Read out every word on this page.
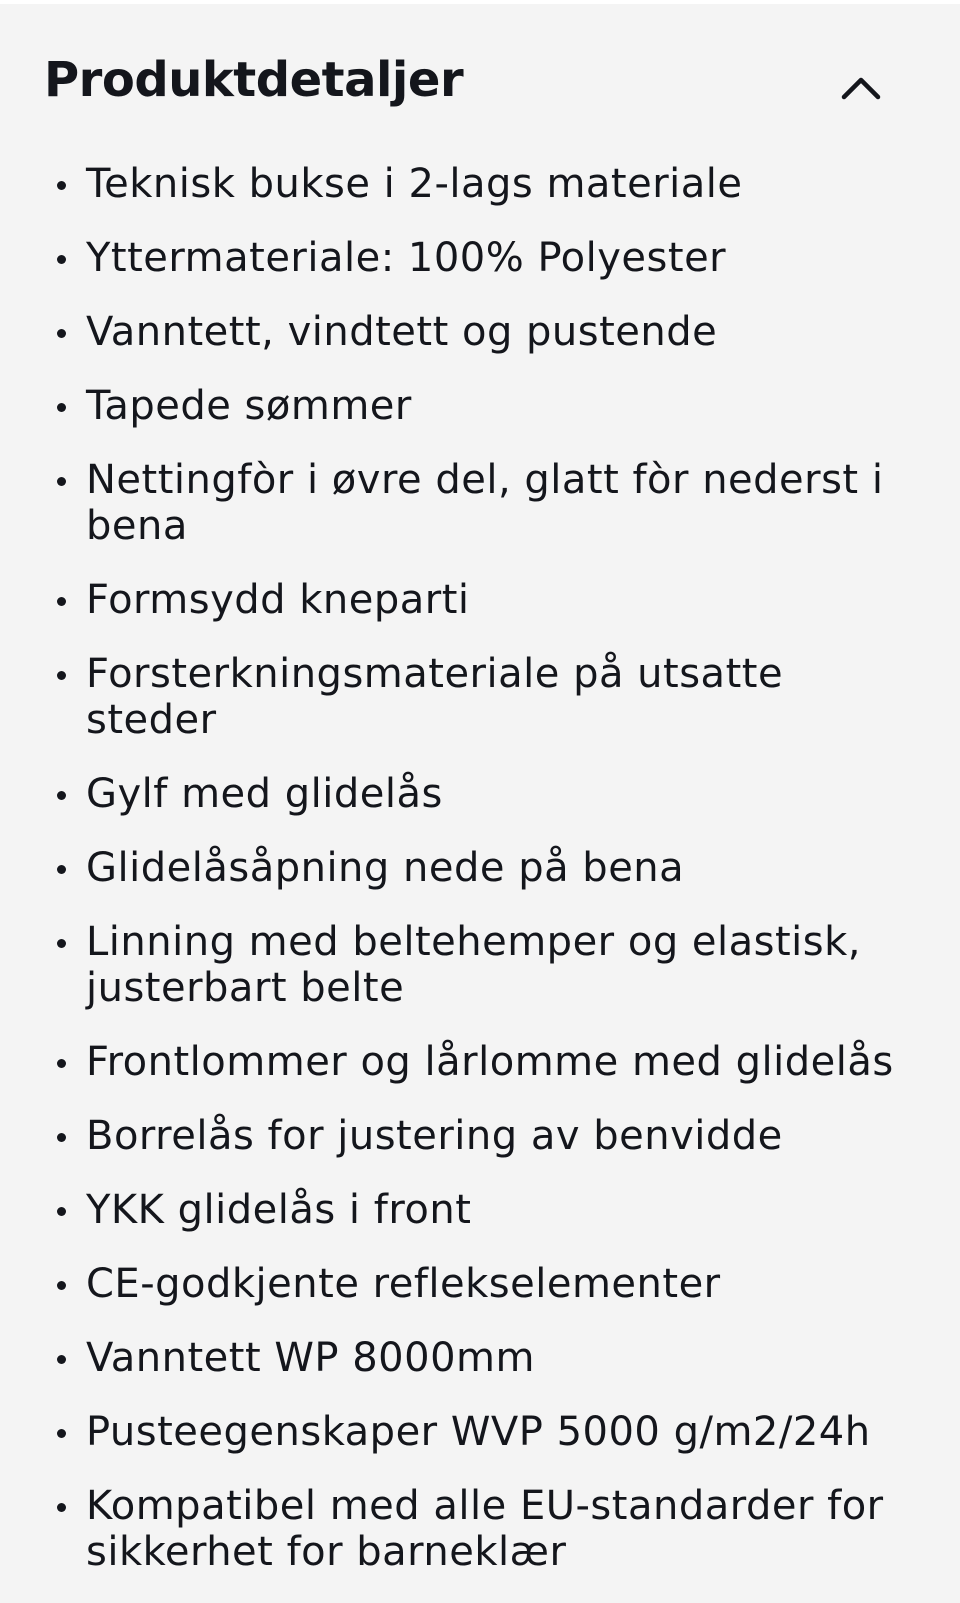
Produktdetaljer
Teknisk bukse i 2-lags materiale
Yttermateriale: 100% Polyester
Vanntett, vindtett og pustende
Tapede sømmer
Nettingfòr i øvre del, glatt fòr nederst i bena
Formsydd kneparti
Forsterkningsmateriale på utsatte steder
Gylf med glidelås
Glidelåsåpning nede på bena
Linning med beltehemper og elastisk, justerbart belte
Frontlommer og lårlomme med glidelås
Borrelås for justering av benvidde
YKK glidelås i front
CE-godkjente reflekselementer
Vanntett WP 8000mm
Pusteegenskaper WVP 5000 g/m2/24h
Kompatibel med alle EU-standarder for sikkerhet for barneklær
